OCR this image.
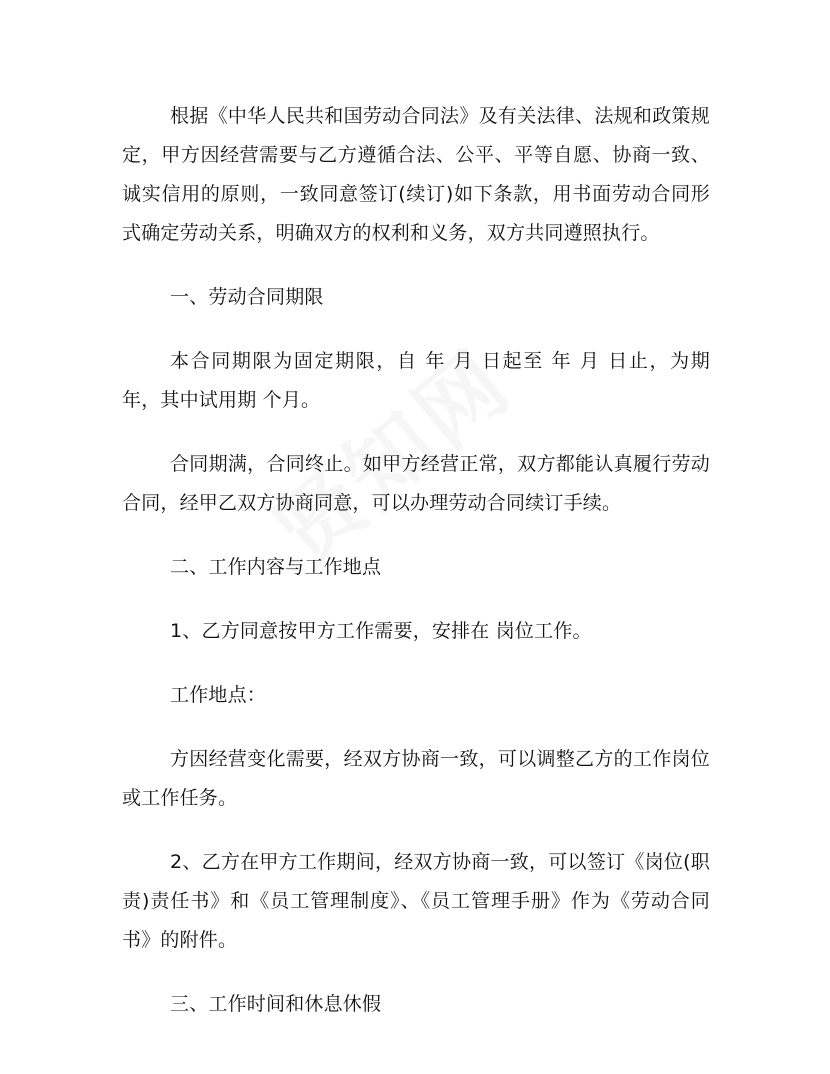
根据《中华人民共和国劳动合同法》及有关法律、法规和政策规定，甲方因经营需要与乙方遵循合法、公平、平等自愿、协商一致、诚实信用的原则，一致同意签订(续订)如下条款，用书面劳动合同形式确定劳动关系，明确双方的权利和义务，双方共同遵照执行。

一、劳动合同期限

本合同期限为固定期限，自 年 月 日起至 年 月 日止，为期 年，其中试用期 个月。

合同期满，合同终止。如甲方经营正常，双方都能认真履行劳动合同，经甲乙双方协商同意，可以办理劳动合同续订手续。

二、工作内容与工作地点

1、乙方同意按甲方工作需要，安排在 岗位工作。

工作地点：

方因经营变化需要，经双方协商一致，可以调整乙方的工作岗位或工作任务。

2、乙方在甲方工作期间，经双方协商一致，可以签订《岗位(职责)责任书》和《员工管理制度》、《员工管理手册》作为《劳动合同书》的附件。

三、工作时间和休息休假
